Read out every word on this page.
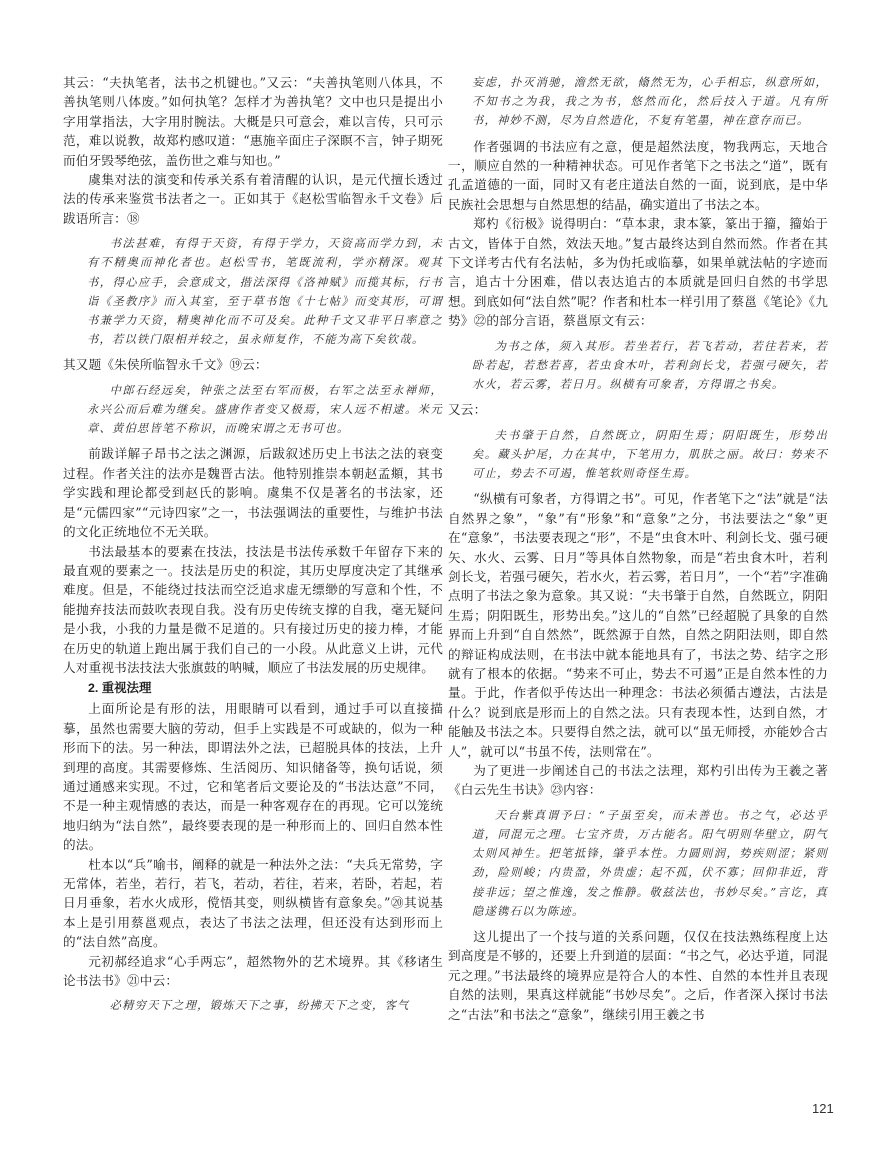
其云：“夫执笔者，法书之机键也。”又云：“夫善执笔则八体具，不善执笔则八体废。”如何执笔？怎样才为善执笔？文中也只是提出小字用掌指法，大字用肘腕法。大概是只可意会，难以言传，只可示范，难以说教，故郑杓感叹道：“惠施辛面庄子深瞑不言，钟子期死而伯牙毁琴绝弦，盖伤世之难与知也。”

虞集对法的演变和传承关系有着清醒的认识，是元代擅长透过法的传承来鉴赏书法者之一。正如其于《赵松雪临智永千文卷》后跋语所言：⑱

书法甚难，有得于天资，有得于学力，天资高而学力到，未有不精奥而神化者也。赵松雪书，笔既流利，学亦精深。观其书，得心应手，会意成文，揩法深得《洛神赋》而揽其标，行书诣《圣教序》而入其室，至于草书饱《十七帖》而变其形，可谓书兼学力天资，精奥神化而不可及矣。此种千文又非平日率意之书，若以铁门限相并较之，虽永师复作，不能为高下矣钦哉。

其又题《朱侯所临智永千文》⑲云：

中郎石经远矣，钟张之法至右军而极，右军之法至永禅师，永兴公而后难为继矣。盛唐作者变又极焉，宋人远不相逮。米元章、黄伯思皆笔不称识，而晚宋谓之无书可也。

前跋详解子昂书之法之渊源，后跋叙述历史上书法之法的衰变过程。作者关注的法亦是魏晋古法。他特别推崇本朝赵孟頫，其书学实践和理论都受到赵氏的影响。虞集不仅是著名的书法家，还是“元儒四家”“元诗四家”之一，书法强调法的重要性，与维护书法的文化正统地位不无关联。

书法最基本的要素在技法，技法是书法传承数千年留存下来的最直观的要素之一。技法是历史的积淀，其历史厚度决定了其继承难度。但是，不能绕过技法而空泛追求虚无缥缈的写意和个性，不能抛弃技法而鼓吹表现自我。没有历史传统支撑的自我，毫无疑问是小我，小我的力量是微不足道的。只有接过历史的接力棒，才能在历史的轨道上跑出属于我们自己的一小段。从此意义上讲，元代人对重视书法技法大张旗鼓的呐喊，顺应了书法发展的历史规律。

2. 重视法理

上面所论是有形的法，用眼睛可以看到，通过手可以直接描摹，虽然也需要大脑的劳动，但手上实践是不可或缺的，似为一种形而下的法。另一种法，即谓法外之法，已超脱具体的技法，上升到理的高度。其需要修炼、生活阅历、知识储备等，换句话说，须通过通感来实现。不过，它和笔者后文要论及的“书法达意”不同，不是一种主观情感的表达，而是一种客观存在的再现。它可以笼统地归纳为“法自然”，最终要表现的是一种形而上的、回归自然本性的法。

杜本以“兵”喻书，阐释的就是一种法外之法：“夫兵无常势，字无常体，若坐，若行，若飞，若动，若往，若来，若卧，若起，若日月垂象，若水火成形，傥悟其变，则纵横皆有意象矣。”⑳其说基本上是引用蔡邕观点，表达了书法之法理，但还没有达到形而上的“法自然”高度。

元初郝经追求“心手两忘”，超然物外的艺术境界。其《移诸生论书法书》㉑中云：

必精穷天下之理，锻炼天下之事，纷拂天下之变，客气

妄虑，扑灭消驰，澹然无欲，翛然无为，心手相忘，纵意所如，不知书之为我，我之为书，悠然而化，然后技入于道。凡有所书，神妙不测，尽为自然造化，不复有笔墨，神在意存而已。

作者强调的书法应有之意，便是超然法度，物我两忘，天地合一，顺应自然的一种精神状态。可见作者笔下之书法之“道”，既有孔孟道德的一面，同时又有老庄道法自然的一面，说到底，是中华民族社会思想与自然思想的结晶，确实道出了书法之本。

郑杓《衍极》说得明白：“草本隶，隶本篆，篆出于籀，籀始于古文，皆体于自然，效法天地。”复古最终达到自然而然。作者在其下文详考古代有名法帖，多为伪托或临摹，如果单就法帖的字迹而言，追古十分困难，借以表达追古的本质就是回归自然的书学思想。到底如何“法自然”呢？作者和杜本一样引用了蔡邕《笔论》《九势》㉒的部分言语，蔡邕原文有云：

为书之体，须入其形。若坐若行，若飞若动，若往若来，若卧若起，若愁若喜，若虫食木叶，若利剑长戈，若强弓硬矢，若水火，若云雾，若日月。纵横有可象者，方得谓之书矣。

又云：

夫书肇于自然，自然既立，阴阳生焉；阴阳既生，形势出矣。藏头护尾，力在其中，下笔用力，肌肤之丽。故曰：势来不可止，势去不可遏，惟笔软则奇怪生焉。

“纵横有可象者，方得谓之书”。可见，作者笔下之“法”就是“法自然界之象”，“象”有“形象”和“意象”之分，书法要法之“象”更在“意象”，书法要表现之“形”，不是“虫食木叶、利剑长戈、强弓硬矢、水火、云雾、日月”等具体自然物象，而是“若虫食木叶，若利剑长戈，若强弓硬矢，若水火，若云雾，若日月”，一个“若”字准确点明了书法之象为意象。其又说：“夫书肇于自然，自然既立，阴阳生焉；阴阳既生，形势出矣。”这儿的“自然”已经超脱了具象的自然界而上升到“自自然然”，既然源于自然，自然之阴阳法则，即自然的辩证构成法则，在书法中就本能地具有了，书法之势、结字之形就有了根本的依据。“势来不可止，势去不可遏”正是自然本性的力量。于此，作者似乎传达出一种理念：书法必须循古遵法，古法是什么？说到底是形而上的自然之法。只有表现本性，达到自然，才能触及书法之本。只要得自然之法，就可以“虽无师授，亦能妙合古人”，就可以“书虽不传，法则常在”。

为了更进一步阐述自己的书法之法理，郑杓引出传为王羲之著《白云先生书诀》㉓内容：

天台紫真谓予曰：“子虽至矣，而未善也。书之气，必达乎道，同混元之理。七宝齐贵，万古能名。阳气明则华壁立，阴气太则风神生。把笔抵锋，肇乎本性。力圆则润，势疾则涩；紧则劲，险则峻；内贵盈，外贵虚；起不孤，伏不寡；回仰非近，背接非远；望之惟逸，发之惟静。敬兹法也，书妙尽矣。”言讫，真隐遂镌石以为陈迹。

这儿提出了一个技与道的关系问题，仅仅在技法熟练程度上达到高度是不够的，还要上升到道的层面：“书之气，必达乎道，同混元之理。”书法最终的境界应是符合人的本性、自然的本性并且表现自然的法则，果真这样就能“书妙尽矣”。之后，作者深入探讨书法之“古法”和书法之“意象”，继续引用王羲之书

121
